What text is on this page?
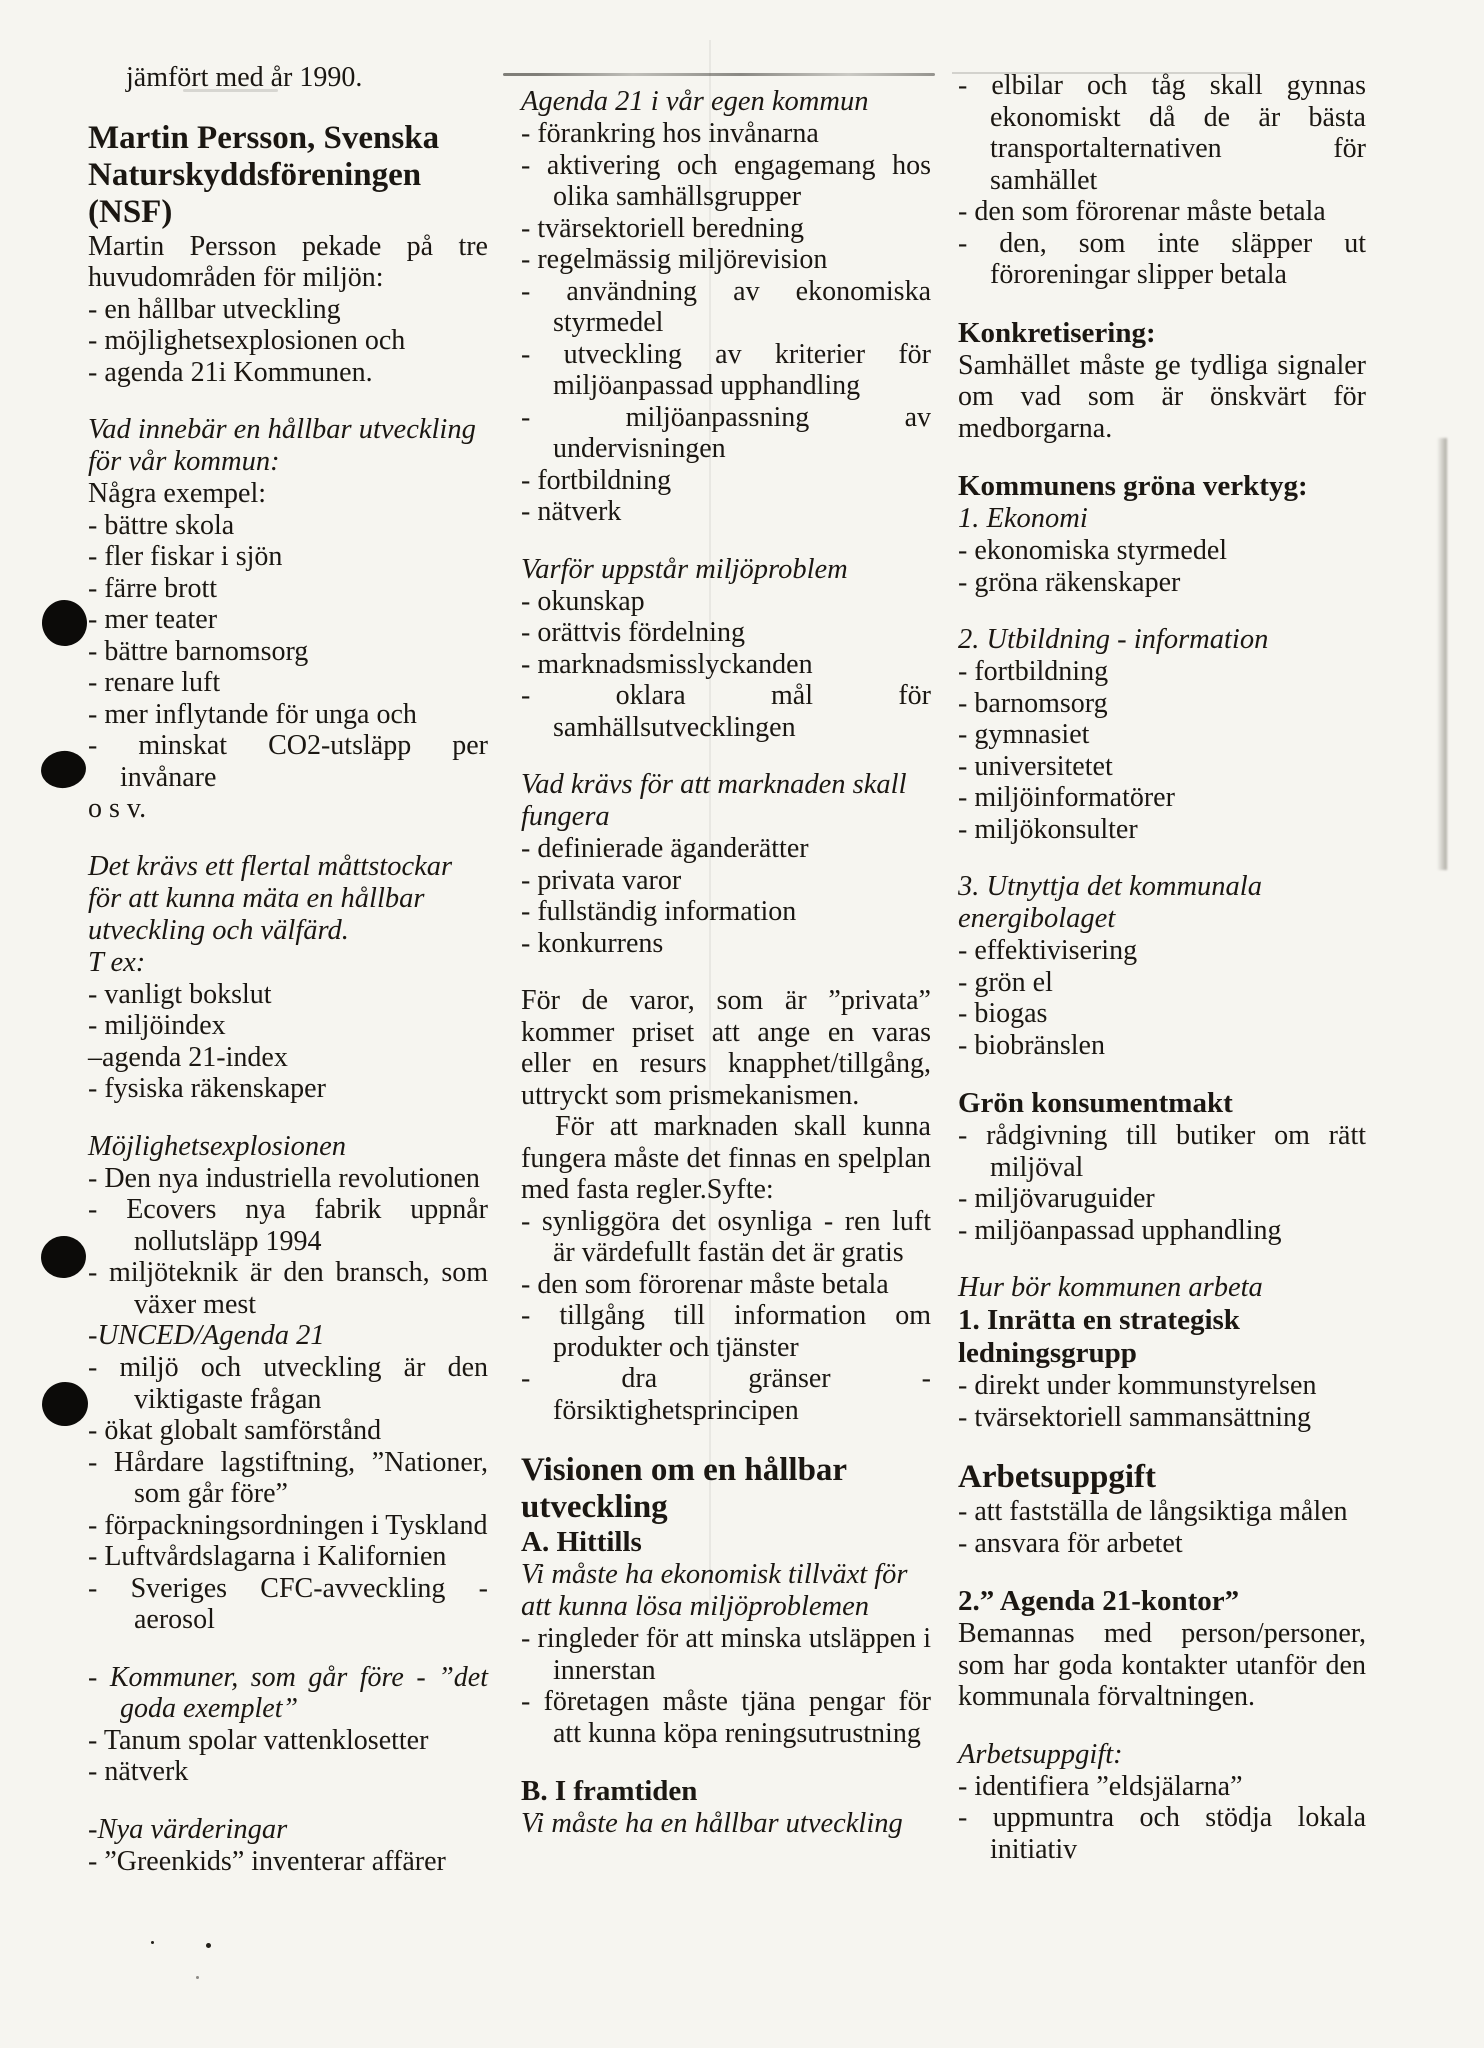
jämfört med år 1990.
Martin Persson, Svenska Naturskyddsföreningen (NSF)
Martin Persson pekade på tre huvudområden för miljön:
- en hållbar utveckling
- möjlighetsexplosionen och
- agenda 21i Kommunen.
Vad innebär en hållbar utveckling för vår kommun:
Några exempel:
- bättre skola
- fler fiskar i sjön
- färre brott
- mer teater
- bättre barnomsorg
- renare luft
- mer inflytande för unga och
- minskat CO2-utsläpp per invånare
o s v.
Det krävs ett flertal måttstockar för att kunna mäta en hållbar utveckling och välfärd.
T ex:
- vanligt bokslut
- miljöindex
–agenda 21-index
- fysiska räkenskaper
Möjlighetsexplosionen
- Den nya industriella revolutionen
- Ecovers nya fabrik uppnår nollutsläpp 1994
- miljöteknik är den bransch, som växer mest
-UNCED/Agenda 21
- miljö och utveckling är den viktigaste frågan
- ökat globalt samförstånd
- Hårdare lagstiftning, ”Nationer, som går före”
- förpackningsordningen i Tyskland
- Luftvårdslagarna i Kalifornien
- Sveriges CFC-avveckling - aerosol
- Kommuner, som går före - ”det goda exemplet”
- Tanum spolar vattenklosetter
- nätverk
-Nya värderingar
- ”Greenkids” inventerar affärer
Agenda 21 i vår egen kommun
- förankring hos invånarna
- aktivering och engagemang hos olika samhällsgrupper
- tvärsektoriell beredning
- regelmässig miljörevision
- användning av ekonomiska styrmedel
- utveckling av kriterier för miljöanpassad upphandling
- miljöanpassning av undervisningen
- fortbildning
- nätverk
Varför uppstår miljöproblem
- okunskap
- orättvis fördelning
- marknadsmisslyckanden
- oklara mål för samhällsutvecklingen
Vad krävs för att marknaden skall fungera
- definierade äganderätter
- privata varor
- fullständig information
- konkurrens
För de varor, som är ”privata” kommer priset att ange en varas eller en resurs knapphet/tillgång, uttryckt som prismekanismen.
För att marknaden skall kunna fungera måste det finnas en spelplan med fasta regler.Syfte:
- synliggöra det osynliga - ren luft är värdefullt fastän det är gratis
- den som förorenar måste betala
- tillgång till information om produkter och tjänster
- dra gränser - försiktighetsprincipen
Visionen om en hållbar utveckling
A. Hittills
Vi måste ha ekonomisk tillväxt för att kunna lösa miljöproblemen
- ringleder för att minska utsläppen i innerstan
- företagen måste tjäna pengar för att kunna köpa reningsutrustning
B. I framtiden
Vi måste ha en hållbar utveckling
- elbilar och tåg skall gynnas ekonomiskt då de är bästa transportalternativen för samhället
- den som förorenar måste betala
- den, som inte släpper ut föroreningar slipper betala
Konkretisering:
Samhället måste ge tydliga signaler om vad som är önskvärt för medborgarna.
Kommunens gröna verktyg:
1. Ekonomi
- ekonomiska styrmedel
- gröna räkenskaper
2. Utbildning - information
- fortbildning
- barnomsorg
- gymnasiet
- universitetet
- miljöinformatörer
- miljökonsulter
3. Utnyttja det kommunala energibolaget
- effektivisering
- grön el
- biogas
- biobränslen
Grön konsumentmakt
- rådgivning till butiker om rätt miljöval
- miljövaruguider
- miljöanpassad upphandling
Hur bör kommunen arbeta
1. Inrätta en strategisk ledningsgrupp
- direkt under kommunstyrelsen
- tvärsektoriell sammansättning
Arbetsuppgift
- att fastställa de långsiktiga målen
- ansvara för arbetet
2.” Agenda 21-kontor”
Bemannas med person/personer, som har goda kontakter utanför den kommunala förvaltningen.
Arbetsuppgift:
- identifiera ”eldsjälarna”
- uppmuntra och stödja lokala initiativ
